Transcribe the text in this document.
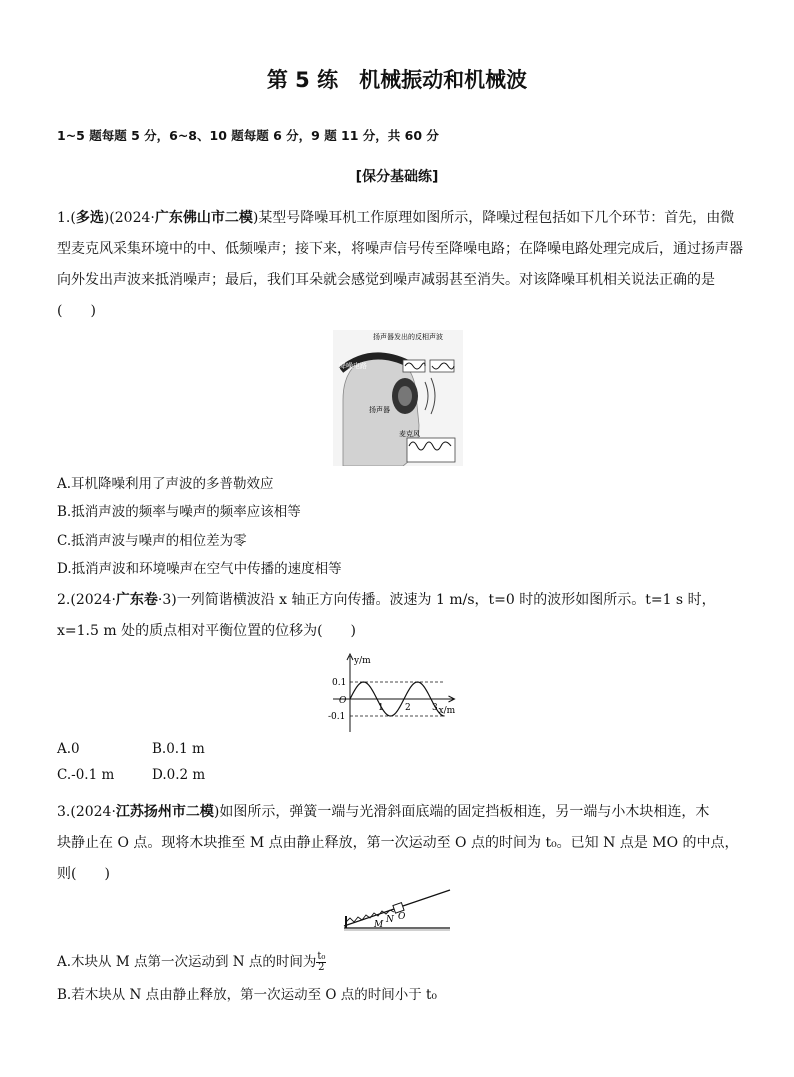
第 5 练　机械振动和机械波
1~5 题每题 5 分，6~8、10 题每题 6 分，9 题 11 分，共 60 分
[保分基础练]
1.(多选)(2024·广东佛山市二模)某型号降噪耳机工作原理如图所示，降噪过程包括如下几个环节：首先，由微型麦克风采集环境中的中、低频噪声；接下来，将噪声信号传至降噪电路；在降噪电路处理完成后，通过扬声器向外发出声波来抵消噪声；最后，我们耳朵就会感觉到噪声减弱甚至消失。对该降噪耳机相关说法正确的是(　　)
扬声器发出的反相声波
降噪电路
扬声器
麦克风
A.耳机降噪利用了声波的多普勒效应
B.抵消声波的频率与噪声的频率应该相等
C.抵消声波与噪声的相位差为零
D.抵消声波和环境噪声在空气中传播的速度相等
2.(2024·广东卷·3)一列简谐横波沿 x 轴正方向传播。波速为 1 m/s，t=0 时的波形如图所示。t=1 s 时，x=1.5 m 处的质点相对平衡位置的位移为(　　)
y/m
x/m
O
0.1
-0.1
1 2 3
A.0	B.0.1 m
C.-0.1 m	D.0.2 m
3.(2024·江苏扬州市二模)如图所示，弹簧一端与光滑斜面底端的固定挡板相连，另一端与小木块相连，木
块静止在 O 点。现将木块推至 M 点由静止释放，第一次运动至 O 点的时间为 t₀。已知 N 点是 MO 的中点，
则(　　)
M N O
A.木块从 M 点第一次运动到 N 点的时间为 $\frac{\text{t₀}}{2}$
B.若木块从 N 点由静止释放，第一次运动至 O 点的时间小于 t₀
